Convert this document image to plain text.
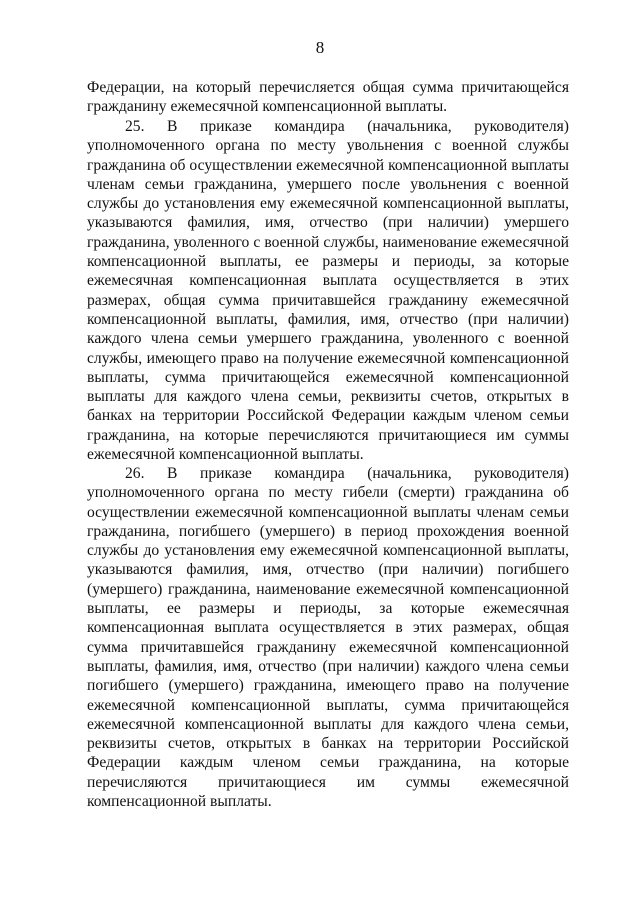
8

Федерации, на который перечисляется общая сумма причитающейся гражданину ежемесячной компенсационной выплаты.

25. В приказе командира (начальника, руководителя) уполномоченного органа по месту увольнения с военной службы гражданина об осуществлении ежемесячной компенсационной выплаты членам семьи гражданина, умершего после увольнения с военной службы до установления ему ежемесячной компенсационной выплаты, указываются фамилия, имя, отчество (при наличии) умершего гражданина, уволенного с военной службы, наименование ежемесячной компенсационной выплаты, ее размеры и периоды, за которые ежемесячная компенсационная выплата осуществляется в этих размерах, общая сумма причитавшейся гражданину ежемесячной компенсационной выплаты, фамилия, имя, отчество (при наличии) каждого члена семьи умершего гражданина, уволенного с военной службы, имеющего право на получение ежемесячной компенсационной выплаты, сумма причитающейся ежемесячной компенсационной выплаты для каждого члена семьи, реквизиты счетов, открытых в банках на территории Российской Федерации каждым членом семьи гражданина, на которые перечисляются причитающиеся им суммы ежемесячной компенсационной выплаты.

26. В приказе командира (начальника, руководителя) уполномоченного органа по месту гибели (смерти) гражданина об осуществлении ежемесячной компенсационной выплаты членам семьи гражданина, погибшего (умершего) в период прохождения военной службы до установления ему ежемесячной компенсационной выплаты, указываются фамилия, имя, отчество (при наличии) погибшего (умершего) гражданина, наименование ежемесячной компенсационной выплаты, ее размеры и периоды, за которые ежемесячная компенсационная выплата осуществляется в этих размерах, общая сумма причитавшейся гражданину ежемесячной компенсационной выплаты, фамилия, имя, отчество (при наличии) каждого члена семьи погибшего (умершего) гражданина, имеющего право на получение ежемесячной компенсационной выплаты, сумма причитающейся ежемесячной компенсационной выплаты для каждого члена семьи, реквизиты счетов, открытых в банках на территории Российской Федерации каждым членом семьи гражданина, на которые перечисляются причитающиеся им суммы ежемесячной компенсационной выплаты.
